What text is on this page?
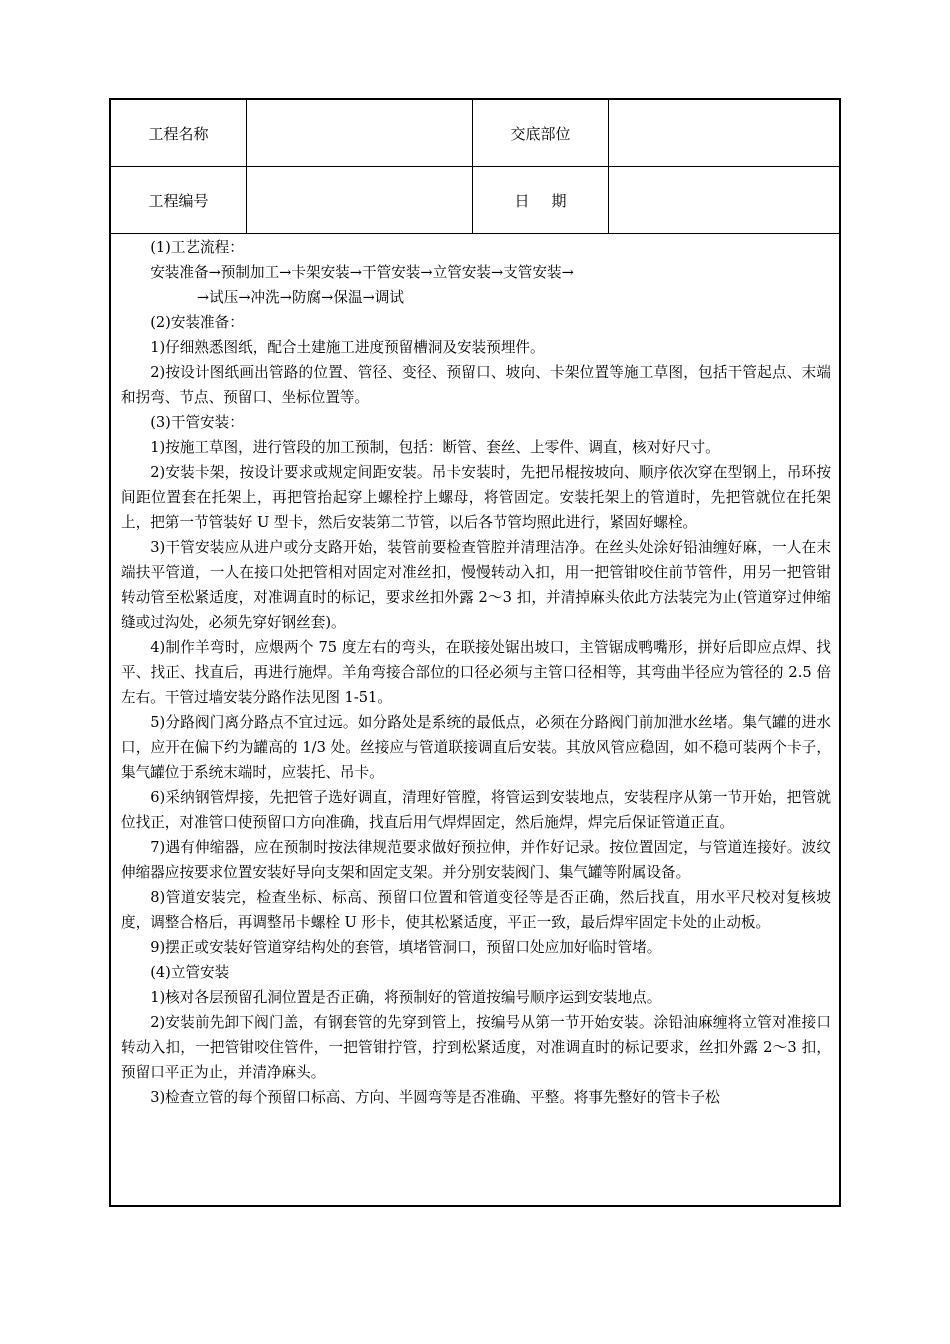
工程名称	交底部位
工程编号	日期

(1)工艺流程：

安装准备→预制加工→卡架安装→干管安装→立管安装→支管安装→

→试压→冲洗→防腐→保温→调试

(2)安装准备：

1)仔细熟悉图纸，配合土建施工进度预留槽洞及安装预埋件。

2)按设计图纸画出管路的位置、管径、变径、预留口、坡向、卡架位置等施工草图，包括干管起点、末端和拐弯、节点、预留口、坐标位置等。

(3)干管安装：

1)按施工草图，进行管段的加工预制，包括：断管、套丝、上零件、调直，核对好尺寸。

2)安装卡架，按设计要求或规定间距安装。吊卡安装时，先把吊棍按坡向、顺序依次穿在型钢上，吊环按间距位置套在托架上，再把管抬起穿上螺栓拧上螺母，将管固定。安装托架上的管道时，先把管就位在托架上，把第一节管装好 U 型卡，然后安装第二节管，以后各节管均照此进行，紧固好螺栓。

3)干管安装应从进户或分支路开始，装管前要检查管腔并清理洁净。在丝头处涂好铅油缠好麻，一人在末端扶平管道，一人在接口处把管相对固定对准丝扣，慢慢转动入扣，用一把管钳咬住前节管件，用另一把管钳转动管至松紧适度，对准调直时的标记，要求丝扣外露 2～3 扣，并清掉麻头依此方法装完为止(管道穿过伸缩缝或过沟处，必须先穿好钢丝套)。

4)制作羊弯时，应煨两个 75 度左右的弯头，在联接处锯出坡口，主管锯成鸭嘴形，拼好后即应点焊、找平、找正、找直后，再进行施焊。羊角弯接合部位的口径必须与主管口径相等，其弯曲半径应为管径的 2.5 倍左右。干管过墙安装分路作法见图 1-51。

5)分路阀门离分路点不宜过远。如分路处是系统的最低点，必须在分路阀门前加泄水丝堵。集气罐的进水口，应开在偏下约为罐高的 1/3 处。丝接应与管道联接调直后安装。其放风管应稳固，如不稳可装两个卡子，集气罐位于系统末端时，应装托、吊卡。

6)采纳钢管焊接，先把管子选好调直，清理好管膛，将管运到安装地点，安装程序从第一节开始，把管就位找正，对准管口使预留口方向准确，找直后用气焊焊固定，然后施焊，焊完后保证管道正直。

7)遇有伸缩器，应在预制时按法律规范要求做好预拉伸，并作好记录。按位置固定，与管道连接好。波纹伸缩器应按要求位置安装好导向支架和固定支架。并分别安装阀门、集气罐等附属设备。

8)管道安装完，检查坐标、标高、预留口位置和管道变径等是否正确，然后找直，用水平尺校对复核坡度，调整合格后，再调整吊卡螺栓 U 形卡，使其松紧适度，平正一致，最后焊牢固定卡处的止动板。

9)摆正或安装好管道穿结构处的套管，填堵管洞口，预留口处应加好临时管堵。

(4)立管安装

1)核对各层预留孔洞位置是否正确，将预制好的管道按编号顺序运到安装地点。

2)安装前先卸下阀门盖，有钢套管的先穿到管上，按编号从第一节开始安装。涂铅油麻缠将立管对准接口转动入扣，一把管钳咬住管件，一把管钳拧管，拧到松紧适度，对准调直时的标记要求，丝扣外露 2～3 扣，预留口平正为止，并清净麻头。

3)检查立管的每个预留口标高、方向、半圆弯等是否准确、平整。将事先整好的管卡子松
